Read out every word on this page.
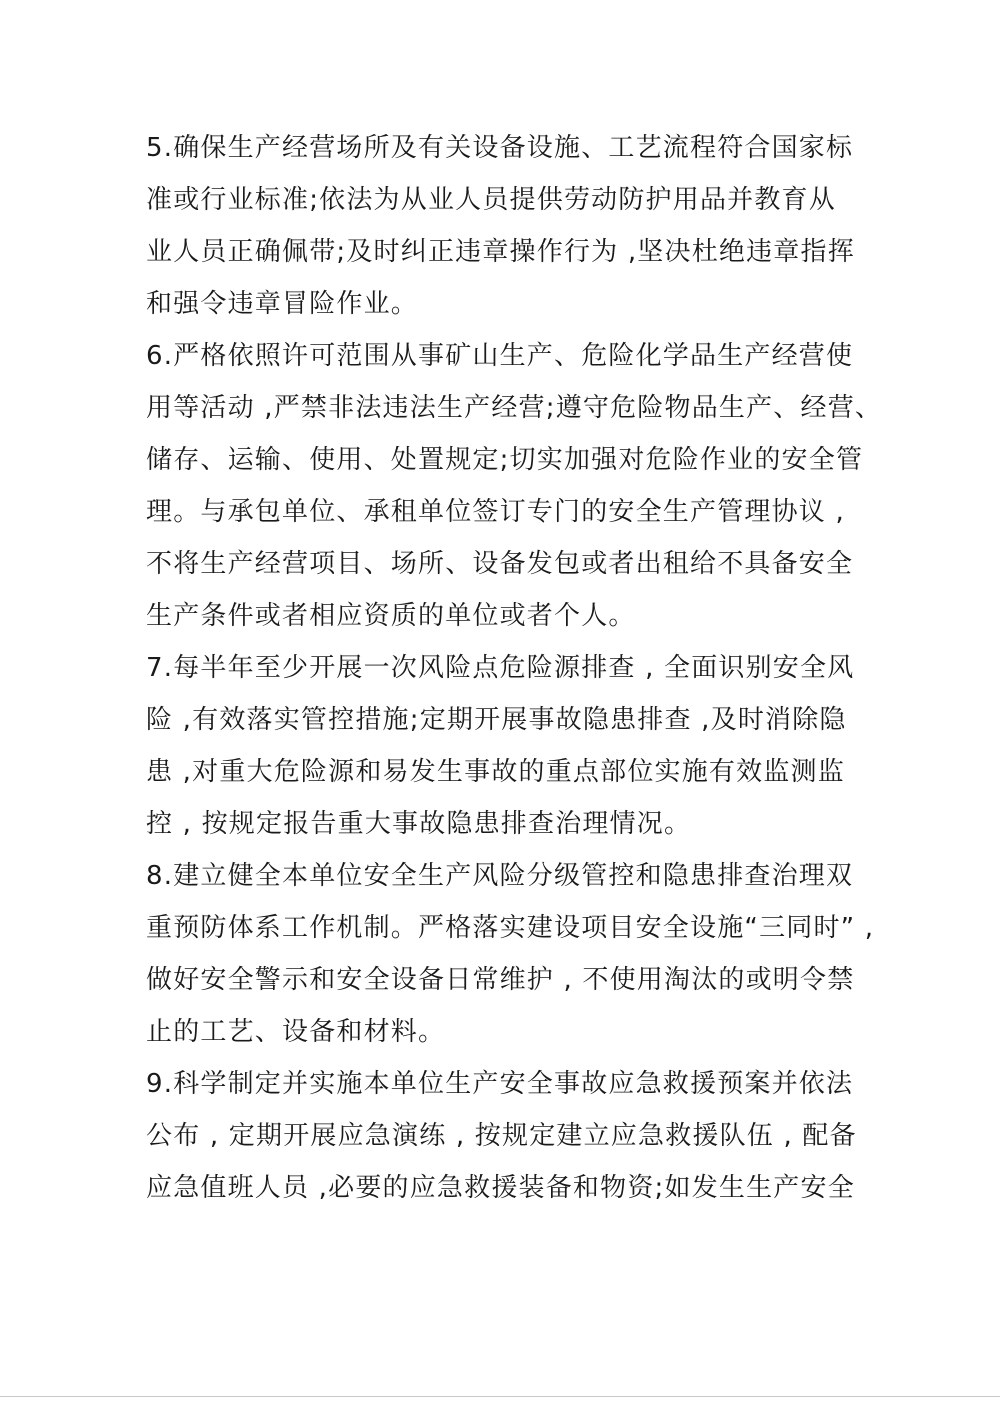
5.确保生产经营场所及有关设备设施、工艺流程符合国家标
准或行业标准;依法为从业人员提供劳动防护用品并教育从
业人员正确佩带;及时纠正违章操作行为 ,坚决杜绝违章指挥
和强令违章冒险作业。
6.严格依照许可范围从事矿山生产、危险化学品生产经营使
用等活动 ,严禁非法违法生产经营;遵守危险物品生产、经营、
储存、运输、使用、处置规定;切实加强对危险作业的安全管
理。与承包单位、承租单位签订专门的安全生产管理协议 ,
不将生产经营项目、场所、设备发包或者出租给不具备安全
生产条件或者相应资质的单位或者个人。
7.每半年至少开展一次风险点危险源排查 , 全面识别安全风
险 ,有效落实管控措施;定期开展事故隐患排查 ,及时消除隐
患 ,对重大危险源和易发生事故的重点部位实施有效监测监
控 , 按规定报告重大事故隐患排查治理情况。
8.建立健全本单位安全生产风险分级管控和隐患排查治理双
重预防体系工作机制。严格落实建设项目安全设施“三同时” ,
做好安全警示和安全设备日常维护 , 不使用淘汰的或明令禁
止的工艺、设备和材料。
9.科学制定并实施本单位生产安全事故应急救援预案并依法
公布 , 定期开展应急演练 , 按规定建立应急救援队伍 , 配备
应急值班人员 ,必要的应急救援装备和物资;如发生生产安全
